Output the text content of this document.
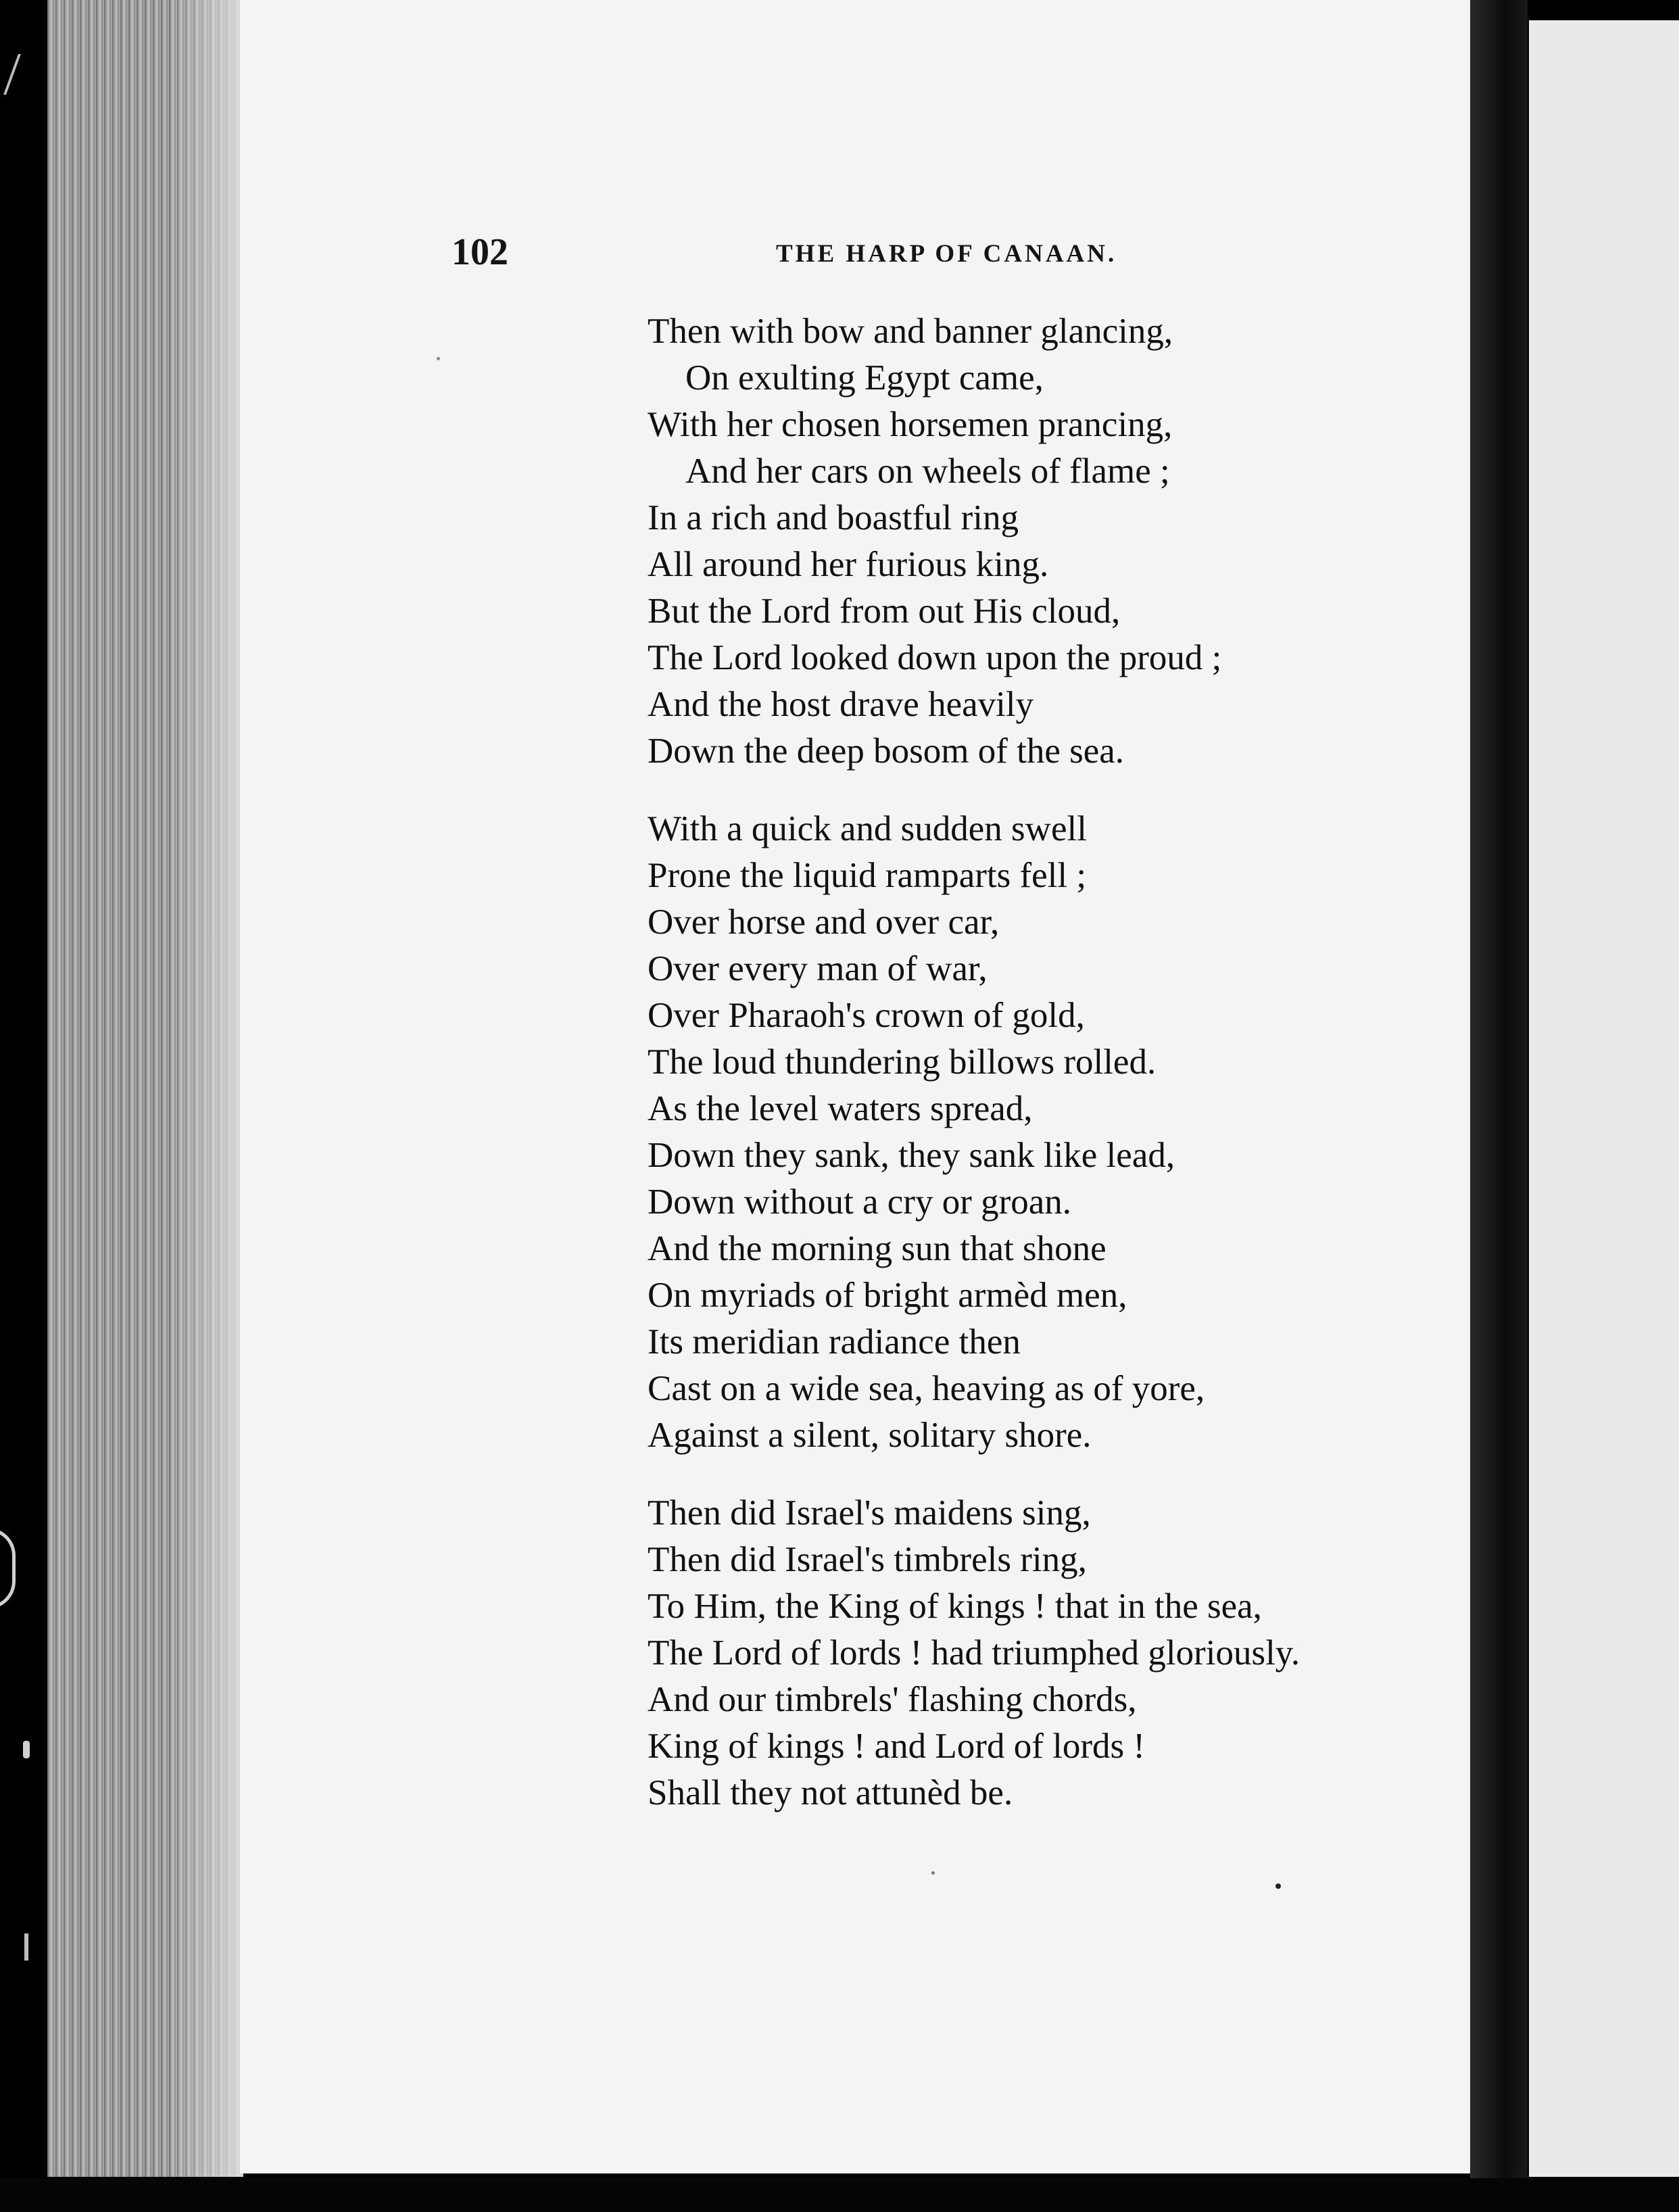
102	THE HARP OF CANAAN.
Then with bow and banner glancing,
On exulting Egypt came,
With her chosen horsemen prancing,
And her cars on wheels of flame ;
In a rich and boastful ring
All around her furious king.
But the Lord from out His cloud,
The Lord looked down upon the proud ;
And the host drave heavily
Down the deep bosom of the sea.
With a quick and sudden swell
Prone the liquid ramparts fell ;
Over horse and over car,
Over every man of war,
Over Pharaoh's crown of gold,
The loud thundering billows rolled.
As the level waters spread,
Down they sank, they sank like lead,
Down without a cry or groan.
And the morning sun that shone
On myriads of bright armèd men,
Its meridian radiance then
Cast on a wide sea, heaving as of yore,
Against a silent, solitary shore.
Then did Israel's maidens sing,
Then did Israel's timbrels ring,
To Him, the King of kings ! that in the sea,
The Lord of lords ! had triumphed gloriously.
And our timbrels' flashing chords,
King of kings ! and Lord of lords !
Shall they not attunèd be.
